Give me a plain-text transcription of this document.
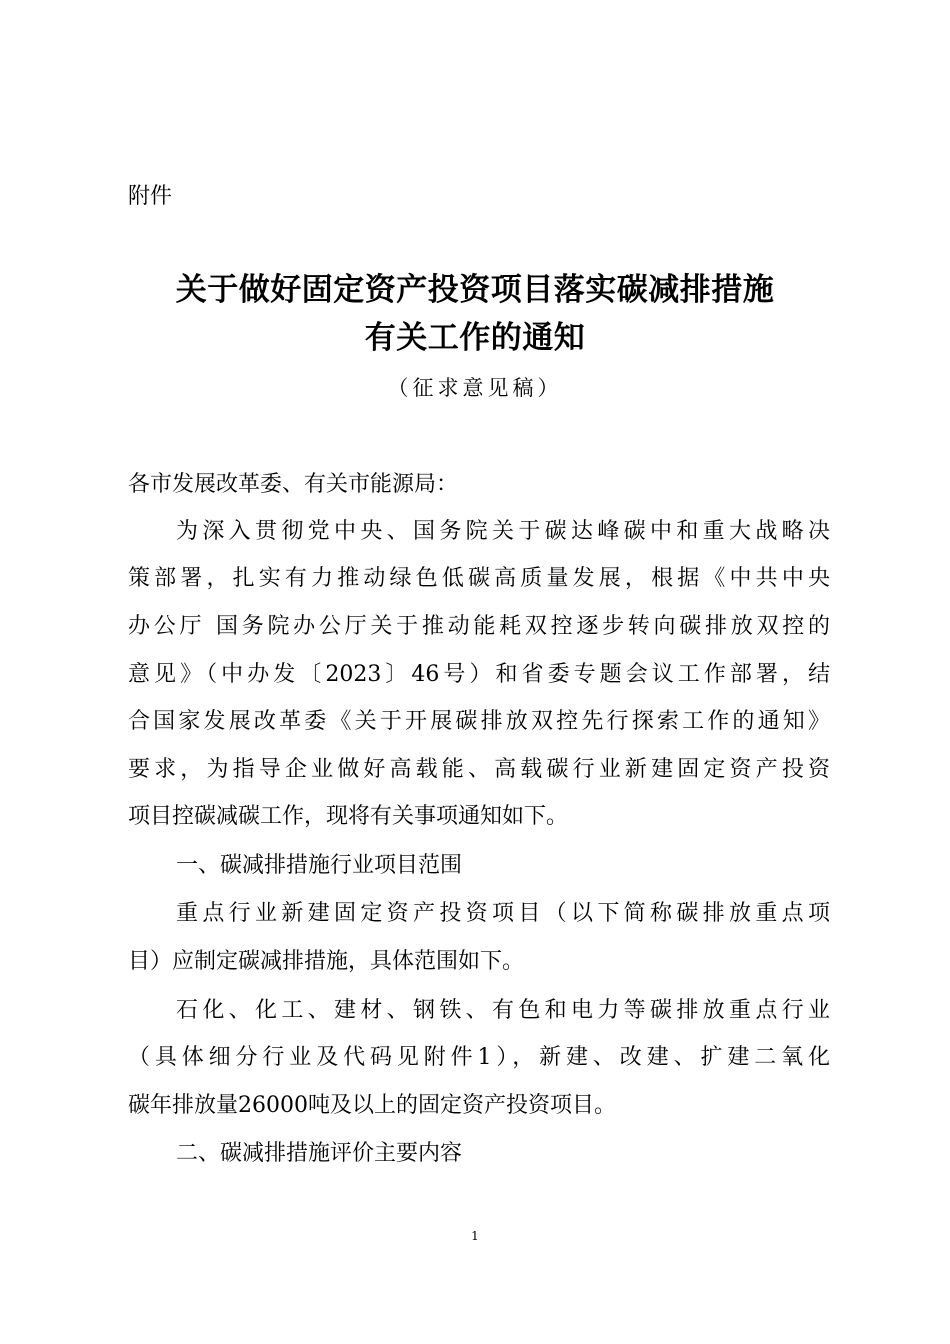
附件
关于做好固定资产投资项目落实碳减排措施
有关工作的通知
（征求意见稿）
各市发展改革委、有关市能源局：
为深入贯彻党中央、国务院关于碳达峰碳中和重大战略决
策部署，扎实有力推动绿色低碳高质量发展，根据《中共中央
办公厅 国务院办公厅关于推动能耗双控逐步转向碳排放双控的
意见》（中办发〔2023〕46号）和省委专题会议工作部署，结
合国家发展改革委《关于开展碳排放双控先行探索工作的通知》
要求，为指导企业做好高载能、高载碳行业新建固定资产投资
项目控碳减碳工作，现将有关事项通知如下。
一、碳减排措施行业项目范围
重点行业新建固定资产投资项目（以下简称碳排放重点项
目）应制定碳减排措施，具体范围如下。
石化、化工、建材、钢铁、有色和电力等碳排放重点行业
（具体细分行业及代码见附件1），新建、改建、扩建二氧化
碳年排放量26000吨及以上的固定资产投资项目。
二、碳减排措施评价主要内容
1
